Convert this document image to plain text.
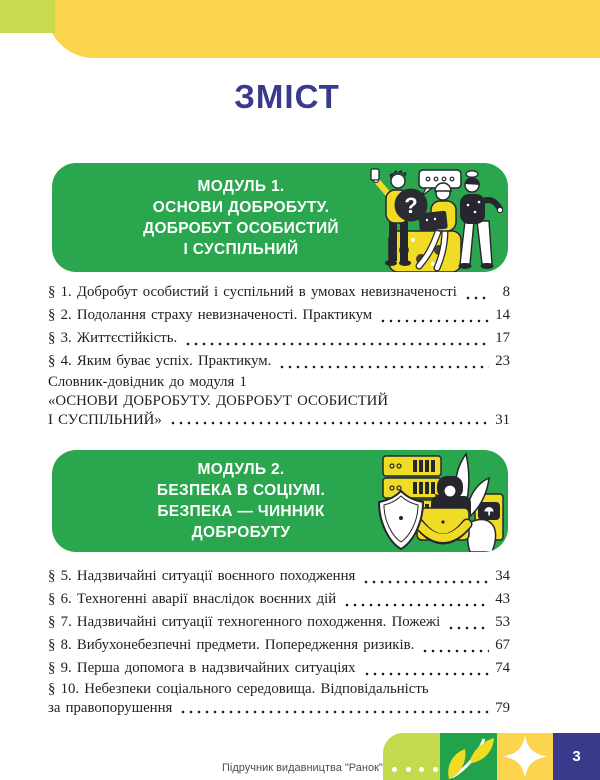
ЗМІСТ
МОДУЛЬ 1.
ОСНОВИ ДОБРОБУТУ.
ДОБРОБУТ ОСОБИСТИЙ
І СУСПІЛЬНИЙ
?
§ 1. Добробут особистий і суспільний в умовах невизначеності	8
§ 2. Подолання страху невизначеності. Практикум	14
§ 3. Життєстійкість.	17
§ 4. Яким буває успіх. Практикум.	23
Словник-довідник до модуля 1
«ОСНОВИ ДОБРОБУТУ. ДОБРОБУТ ОСОБИСТИЙ
І СУСПІЛЬНИЙ»	31
МОДУЛЬ 2.
БЕЗПЕКА В СОЦІУМІ.
БЕЗПЕКА — ЧИННИК
ДОБРОБУТУ
§ 5. Надзвичайні ситуації воєнного походження	34
§ 6. Техногенні аварії внаслідок воєнних дій	43
§ 7. Надзвичайні ситуації техногенного походження. Пожежі	53
§ 8. Вибухонебезпечні предмети. Попередження ризиків.	67
§ 9. Перша допомога в надзвичайних ситуаціях	74
§ 10. Небезпеки соціального середовища. Відповідальність
за правопорушення	79
Підручник видавництва "Ранок"
3
